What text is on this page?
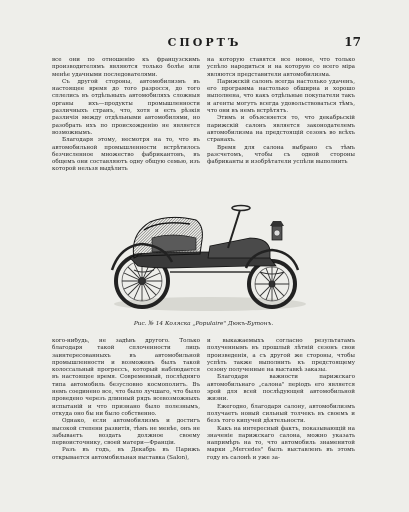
СПОРТЪ	17

все они по отношенію къ французскимъ производителямъ являются только болѣе или менѣе удачными последователями.

Съ другой стороны, автомобилизмъ въ настоящее время до того разросся, до того сплелись въ отдѣльныхъ автомобиляхъ сложныя органы ихъ—продукты промышленности различныхъ странъ, что, хотя и есть рѣзкія различія между отдѣльными автомобилями, но разобрать ихъ по происхожденію не является возможнымъ.

Благодаря этому, несмотря на то, что въ автомобильной промышленности встрѣтилось безчисленное множество фабрикантовъ, въ общемъ они составляютъ одну общую семью, изъ которой нельзя выдѣлить

на которую ставятся все новое, что только успѣло народиться и на которую со всего міра являются представители автомобилизма.

Парижскій салонъ всегда настолько удаченъ, его программа настолько обширна и хорошо выполнена, что какъ отдѣльные покупатели такъ и агенты могутъ всегда удовольствоваться тѣмъ, что они въ немъ встрѣтятъ.

Этимъ и объясняется то, что декабрьскій парижскій салонъ является законодателемъ автомобилизма на предстоящій сезонъ во всѣхъ странахъ.

Время для салона выбрано съ тѣмъ разсчетомъ, чтобы съ одной стороны фабриканты и изобрѣтатели успѣли выполнить

Рис. № 14 Коляска „Populaire" Дюкъ-Бутонъ.

кого-нибудь, не задѣвъ другого. Только благодаря такой сплоченности лицъ заинтересованныхъ въ автомобильной промышленности и возможенъ былъ такой колоссальный прогрессъ, который наблюдается въ настоящее время. Современный, послѣдняго типа автомобиль безусловно космополитъ. Въ немъ соединено все, что было лучшаго, что было проведено черезъ длинный рядъ всевозможныхъ испытаній и что признано было полезнымъ, откуда оно бы ни было собственно.

Однако, если автомобилизмъ и достигъ высокой степени развитія, тѣмъ не менѣе, онъ не забываетъ воздать должное своему первоисточнику, своей матери—Франціи.

Разъ въ годъ, въ Декабрь въ Парижъ открывается автомобильная выставка (Salon),

и выкажаемыхъ согласно результатамъ полученнымъ въ прошлый лѣтній сезонъ свои произведенія, а съ другой же стороны, чтобы успѣть также выполнить къ предстоящему сезону полученные на выставкѣ заказы.

Благодаря важности парижскаго автомобильнаго „салона" періодъ его является эрой для всей послѣдующей автомобильной жизни.

Ежегодно, благодаря салону, автомобилизмъ получаетъ новый сильный толчекъ въ своемъ и безъ того кипучей дѣятельности.

Какъ на интересный фактъ, показывающій на значеніе парижскаго салона, можно указать напримѣръ на то, что автомобиль знаменитой марки „Mercedes" былъ выставленъ въ этомъ году въ салонѣ и уже за-
